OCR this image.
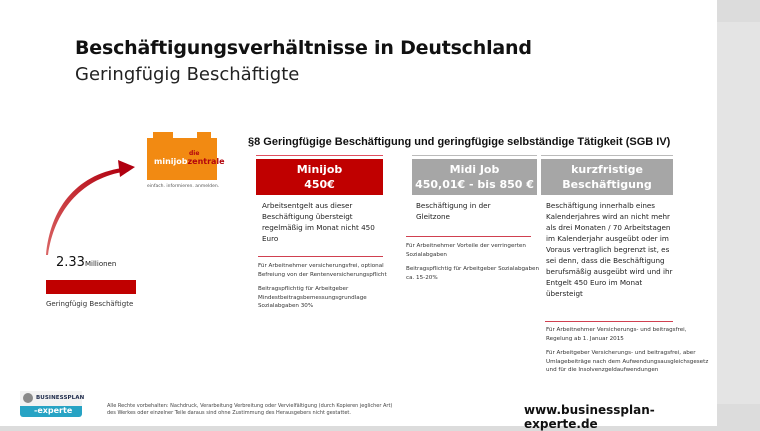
Beschäftigungsverhältnisse in Deutschland
Geringfügig Beschäftigte
die
minijobzentrale
einfach. informieren. anmelden.
2.33 Millionen
Geringfügig Beschäftigte
§8 Geringfügige Beschäftigung und geringfügige selbständige Tätigkeit (SGB IV)
Minijob
450€
Arbeitsentgelt aus dieser Beschäftigung übersteigt regelmäßig im Monat nicht 450 Euro

Für Arbeitnehmer versicherungsfrei, optional Befreiung von der Rentenversicherungspflicht

Beitragspflichtig für Arbeitgeber Mindestbeitragsbemessungsgrundlage Sozialabgaben 30%

Midi Job
450,01€ - bis 850 €
Beschäftigung in der Gleitzone

Für Arbeitnehmer Vorteile der verringerten Sozialabgaben

Beitragspflichtig für Arbeitgeber Sozialabgaben ca. 15-20%

kurzfristige
Beschäftigung
Beschäftigung innerhalb eines Kalenderjahres wird an nicht mehr als drei Monaten / 70 Arbeitstagen im Kalenderjahr ausgeübt oder im Voraus vertraglich begrenzt ist, es sei denn, dass die Beschäftigung berufsmäßig ausgeübt wird und ihr Entgelt 450 Euro im Monat übersteigt

Für Arbeitnehmer Versicherungs- und beitragsfrei, Regelung ab 1. Januar 2015

Für Arbeitgeber Versicherungs- und beitragsfrei, aber Umlagebeiträge nach dem Aufwendungsausgleichsgesetz und für die Insolvenzgeldaufwendungen

BUSINESSPLAN
-experte	Alle Rechte vorbehalten: Nachdruck, Verarbeitung Verbreitung oder Vervielfältigung (durch Kopieren jeglicher Art)
des Werkes oder einzelner Teile daraus sind ohne Zustimmung des Herausgebers nicht gestattet.	www.businessplan-experte.de
